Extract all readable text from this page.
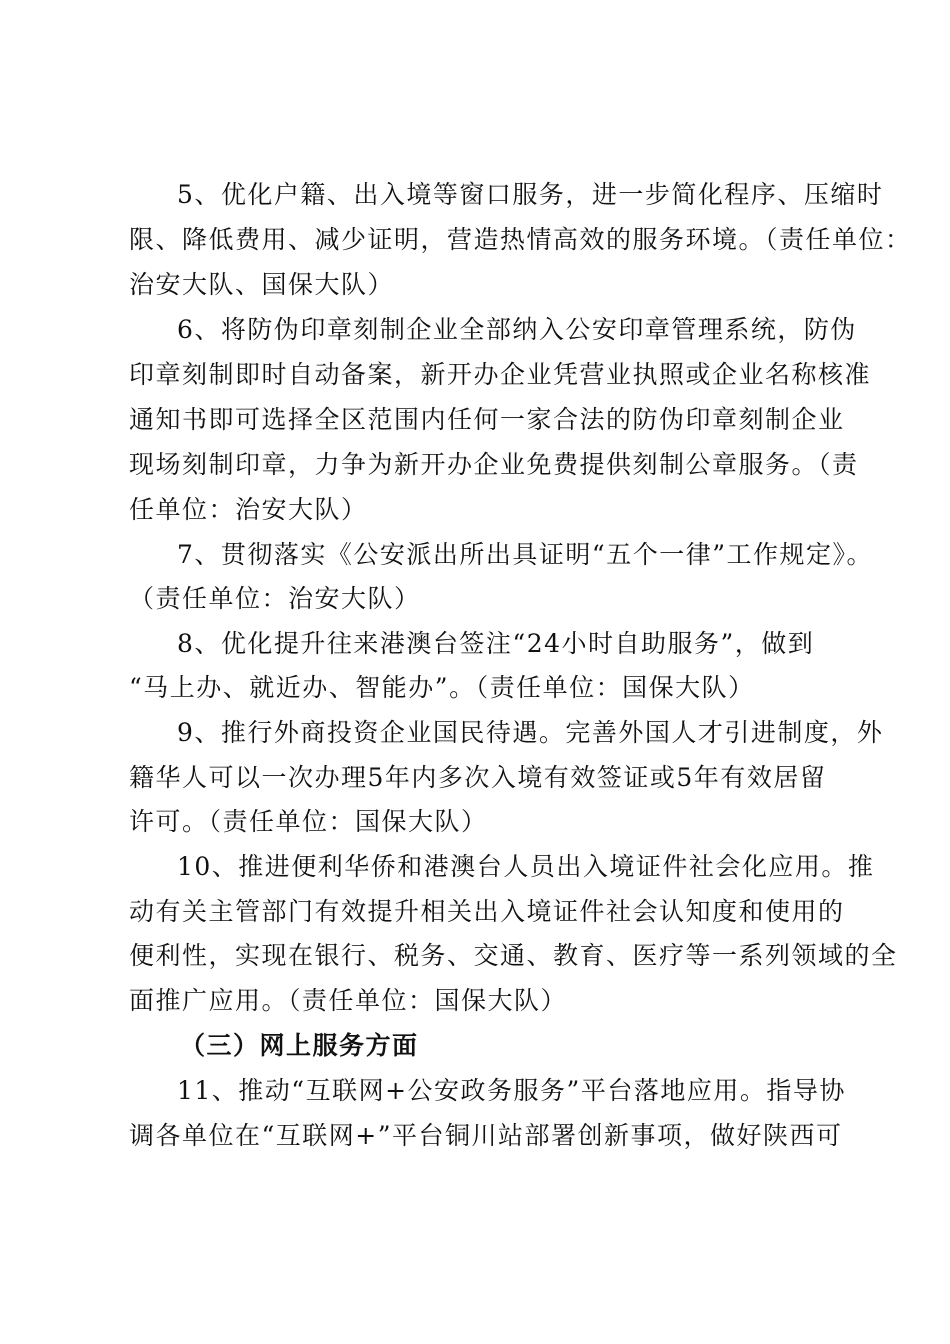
5、优化户籍、出入境等窗口服务，进一步简化程序、压缩时
限、降低费用、减少证明，营造热情高效的服务环境。（责任单位：
治安大队、国保大队）
6、将防伪印章刻制企业全部纳入公安印章管理系统，防伪
印章刻制即时自动备案，新开办企业凭营业执照或企业名称核准
通知书即可选择全区范围内任何一家合法的防伪印章刻制企业
现场刻制印章，力争为新开办企业免费提供刻制公章服务。（责
任单位：治安大队）
7、贯彻落实《公安派出所出具证明“五个一律”工作规定》。
（责任单位：治安大队）
8、优化提升往来港澳台签注“24小时自助服务”，做到
“马上办、就近办、智能办”。（责任单位：国保大队）
9、推行外商投资企业国民待遇。完善外国人才引进制度，外
籍华人可以一次办理5年内多次入境有效签证或5年有效居留
许可。（责任单位：国保大队）
10、推进便利华侨和港澳台人员出入境证件社会化应用。推
动有关主管部门有效提升相关出入境证件社会认知度和使用的
便利性，实现在银行、税务、交通、教育、医疗等一系列领域的全
面推广应用。（责任单位：国保大队）
（三）网上服务方面
11、推动“互联网+公安政务服务”平台落地应用。指导协
调各单位在“互联网+”平台铜川站部署创新事项，做好陕西可
